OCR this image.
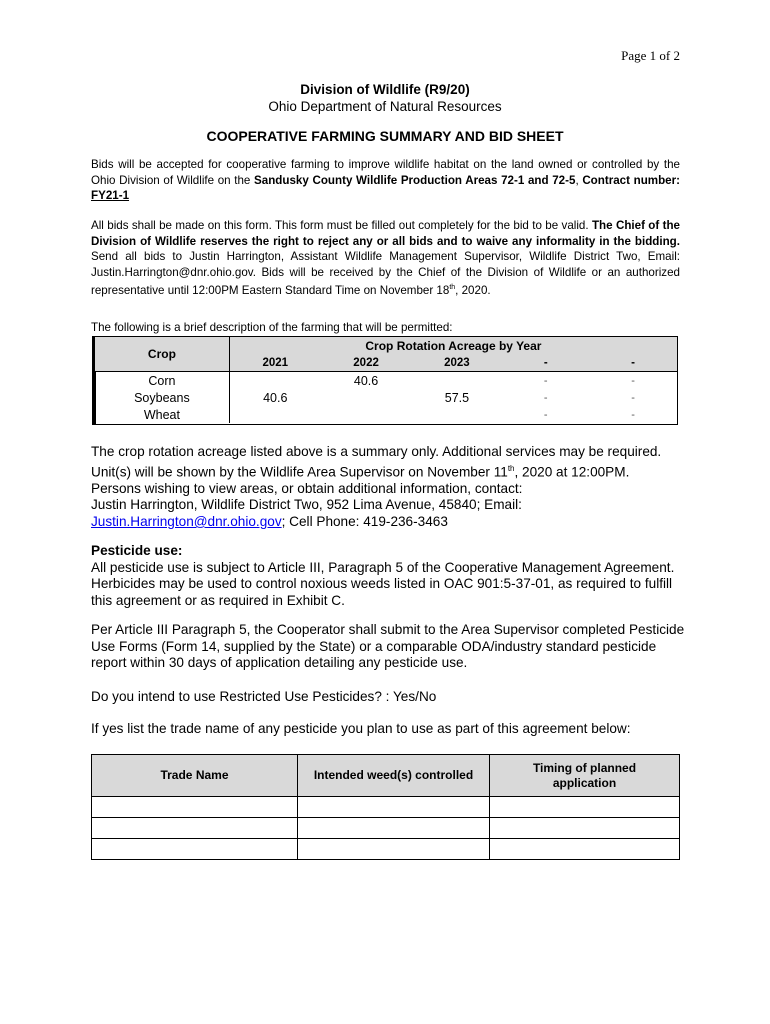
Page 1 of 2
Division of Wildlife (R9/20)
Ohio Department of Natural Resources
COOPERATIVE FARMING SUMMARY AND BID SHEET
Bids will be accepted for cooperative farming to improve wildlife habitat on the land owned or controlled by the Ohio Division of Wildlife on the Sandusky County Wildlife Production Areas 72-1 and 72-5, Contract number: FY21-1
All bids shall be made on this form. This form must be filled out completely for the bid to be valid. The Chief of the Division of Wildlife reserves the right to reject any or all bids and to waive any informality in the bidding. Send all bids to Justin Harrington, Assistant Wildlife Management Supervisor, Wildlife District Two, Email: Justin.Harrington@dnr.ohio.gov. Bids will be received by the Chief of the Division of Wildlife or an authorized representative until 12:00PM Eastern Standard Time on November 18th, 2020.
The following is a brief description of the farming that will be permitted:
Crop	Crop Rotation Acreage by Year				
	2021	2022	2023	-	-
Corn		40.6		-	-
Soybeans	40.6		57.5	-	-
Wheat				-	-
The crop rotation acreage listed above is a summary only. Additional services may be required.
Unit(s) will be shown by the Wildlife Area Supervisor on November 11th, 2020 at 12:00PM.
Persons wishing to view areas, or obtain additional information, contact:
Justin Harrington, Wildlife District Two, 952 Lima Avenue, 45840; Email:
Justin.Harrington@dnr.ohio.gov; Cell Phone: 419-236-3463
Pesticide use:
All pesticide use is subject to Article III, Paragraph 5 of the Cooperative Management Agreement. Herbicides may be used to control noxious weeds listed in OAC 901:5-37-01, as required to fulfill this agreement or as required in Exhibit C.
Per Article III Paragraph 5, the Cooperator shall submit to the Area Supervisor completed Pesticide Use Forms (Form 14, supplied by the State) or a comparable ODA/industry standard pesticide report within 30 days of application detailing any pesticide use.
Do you intend to use Restricted Use Pesticides? : Yes/No
If yes list the trade name of any pesticide you plan to use as part of this agreement below:
Trade Name	Intended weed(s) controlled	Timing of planned application
